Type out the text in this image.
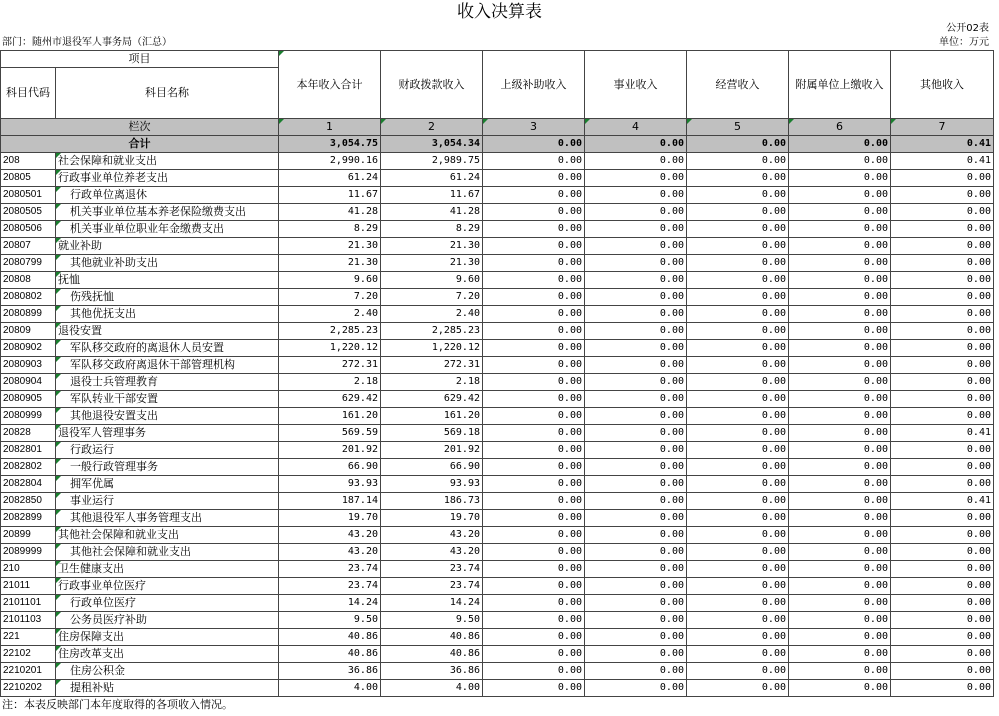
收入决算表
公开02表
部门：随州市退役军人事务局（汇总）	单位：万元
项目		本年收入合计	财政拨款收入	上级补助收入	事业收入	经营收入	附属单位上缴收入	其他收入
科目代码	科目名称							

栏次		1	2	3	4	5	6	7
合计		3,054.75	3,054.34	0.00	0.00	0.00	0.00	0.41
208	社会保障和就业支出	2,990.16	2,989.75	0.00	0.00	0.00	0.00	0.41
20805	行政事业单位养老支出	61.24	61.24	0.00	0.00	0.00	0.00	0.00
2080501	行政单位离退休	11.67	11.67	0.00	0.00	0.00	0.00	0.00
2080505	机关事业单位基本养老保险缴费支出	41.28	41.28	0.00	0.00	0.00	0.00	0.00
2080506	机关事业单位职业年金缴费支出	8.29	8.29	0.00	0.00	0.00	0.00	0.00
20807	就业补助	21.30	21.30	0.00	0.00	0.00	0.00	0.00
2080799	其他就业补助支出	21.30	21.30	0.00	0.00	0.00	0.00	0.00
20808	抚恤	9.60	9.60	0.00	0.00	0.00	0.00	0.00
2080802	伤残抚恤	7.20	7.20	0.00	0.00	0.00	0.00	0.00
2080899	其他优抚支出	2.40	2.40	0.00	0.00	0.00	0.00	0.00
20809	退役安置	2,285.23	2,285.23	0.00	0.00	0.00	0.00	0.00
2080902	军队移交政府的离退休人员安置	1,220.12	1,220.12	0.00	0.00	0.00	0.00	0.00
2080903	军队移交政府离退休干部管理机构	272.31	272.31	0.00	0.00	0.00	0.00	0.00
2080904	退役士兵管理教育	2.18	2.18	0.00	0.00	0.00	0.00	0.00
2080905	军队转业干部安置	629.42	629.42	0.00	0.00	0.00	0.00	0.00
2080999	其他退役安置支出	161.20	161.20	0.00	0.00	0.00	0.00	0.00
20828	退役军人管理事务	569.59	569.18	0.00	0.00	0.00	0.00	0.41
2082801	行政运行	201.92	201.92	0.00	0.00	0.00	0.00	0.00
2082802	一般行政管理事务	66.90	66.90	0.00	0.00	0.00	0.00	0.00
2082804	拥军优属	93.93	93.93	0.00	0.00	0.00	0.00	0.00
2082850	事业运行	187.14	186.73	0.00	0.00	0.00	0.00	0.41
2082899	其他退役军人事务管理支出	19.70	19.70	0.00	0.00	0.00	0.00	0.00
20899	其他社会保障和就业支出	43.20	43.20	0.00	0.00	0.00	0.00	0.00
2089999	其他社会保障和就业支出	43.20	43.20	0.00	0.00	0.00	0.00	0.00
210	卫生健康支出	23.74	23.74	0.00	0.00	0.00	0.00	0.00
21011	行政事业单位医疗	23.74	23.74	0.00	0.00	0.00	0.00	0.00
2101101	行政单位医疗	14.24	14.24	0.00	0.00	0.00	0.00	0.00
2101103	公务员医疗补助	9.50	9.50	0.00	0.00	0.00	0.00	0.00
221	住房保障支出	40.86	40.86	0.00	0.00	0.00	0.00	0.00
22102	住房改革支出	40.86	40.86	0.00	0.00	0.00	0.00	0.00
2210201	住房公积金	36.86	36.86	0.00	0.00	0.00	0.00	0.00
2210202	提租补贴	4.00	4.00	0.00	0.00	0.00	0.00	0.00
注：本表反映部门本年度取得的各项收入情况。
